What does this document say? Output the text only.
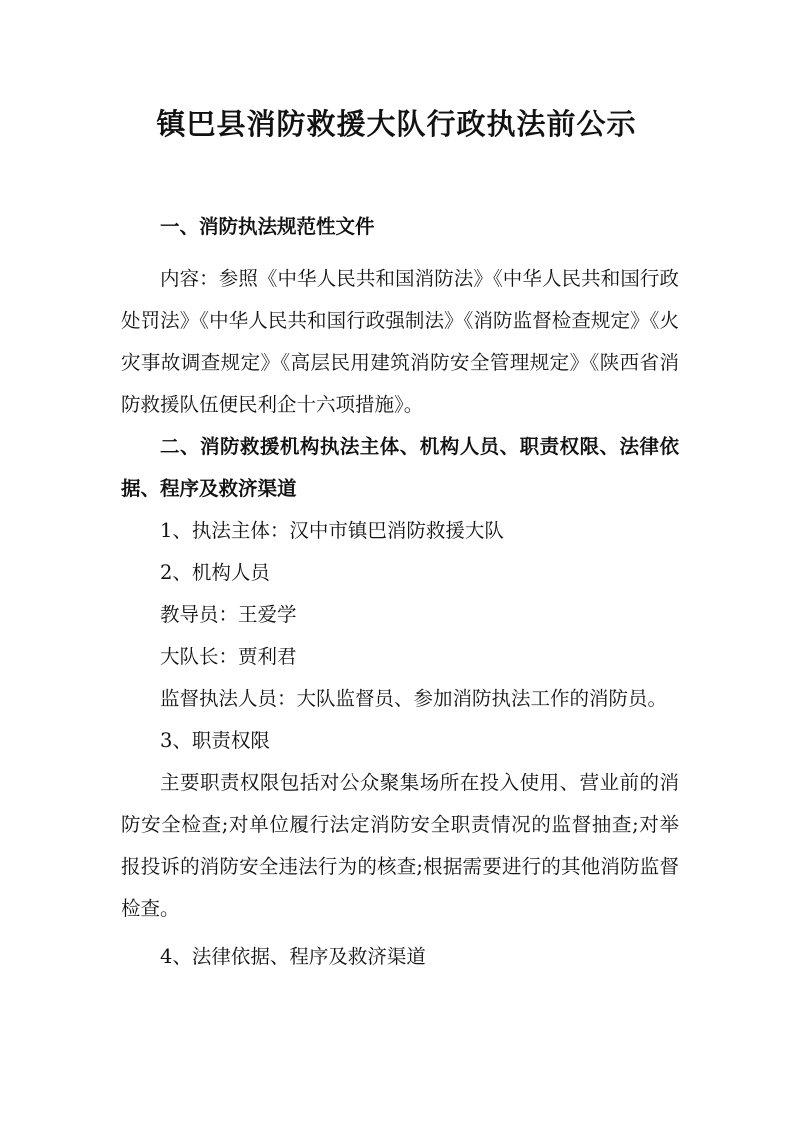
镇巴县消防救援大队行政执法前公示

一、消防执法规范性文件

内容：参照《中华人民共和国消防法》《中华人民共和国行政处罚法》《中华人民共和国行政强制法》《消防监督检查规定》《火灾事故调查规定》《高层民用建筑消防安全管理规定》《陕西省消防救援队伍便民利企十六项措施》。

二、消防救援机构执法主体、机构人员、职责权限、法律依据、程序及救济渠道

1、执法主体：汉中市镇巴消防救援大队

2、机构人员

教导员：王爱学

大队长：贾利君

监督执法人员：大队监督员、参加消防执法工作的消防员。

3、职责权限

主要职责权限包括对公众聚集场所在投入使用、营业前的消防安全检查;对单位履行法定消防安全职责情况的监督抽查;对举报投诉的消防安全违法行为的核查;根据需要进行的其他消防监督检查。

4、法律依据、程序及救济渠道
